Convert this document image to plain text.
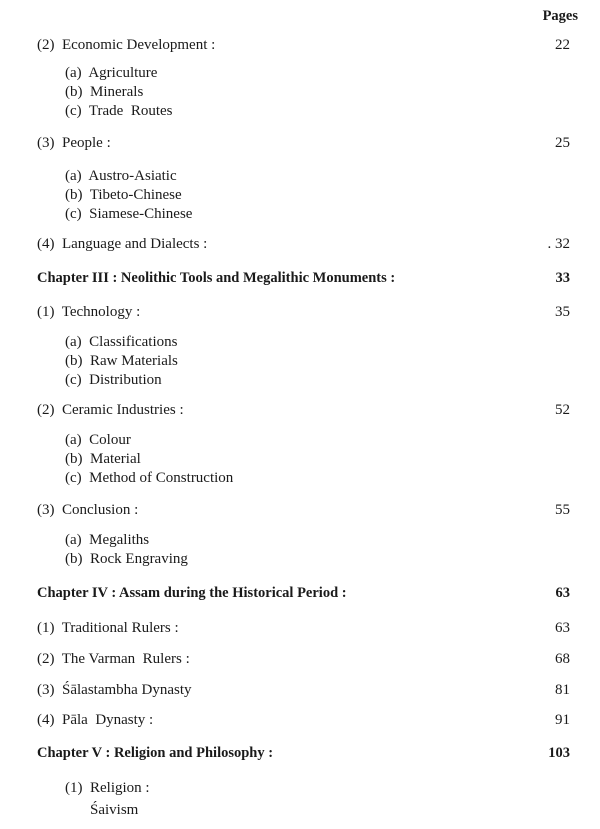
Pages
(2)  Economic Development :	22
(a)  Agriculture
(b)  Minerals
(c)  Trade  Routes
(3)  People :	25
(a)  Austro-Asiatic
(b)  Tibeto-Chinese
(c)  Siamese-Chinese
(4)  Language and Dialects :	. 32
Chapter III : Neolithic Tools and Megalithic Monuments :	33
(1)  Technology :	35
(a)  Classifications
(b)  Raw Materials
(c)  Distribution
(2)  Ceramic Industries :	52
(a)  Colour
(b)  Material
(c)  Method of Construction
(3)  Conclusion :	55
(a)  Megaliths
(b)  Rock Engraving
Chapter IV : Assam during the Historical Period :	63
(1)  Traditional Rulers :	63
(2)  The Varman  Rulers :	68
(3)  Śālastambha Dynasty	81
(4)  Pāla  Dynasty :	91
Chapter V : Religion and Philosophy :	103
(1)  Religion :
Śaivism
